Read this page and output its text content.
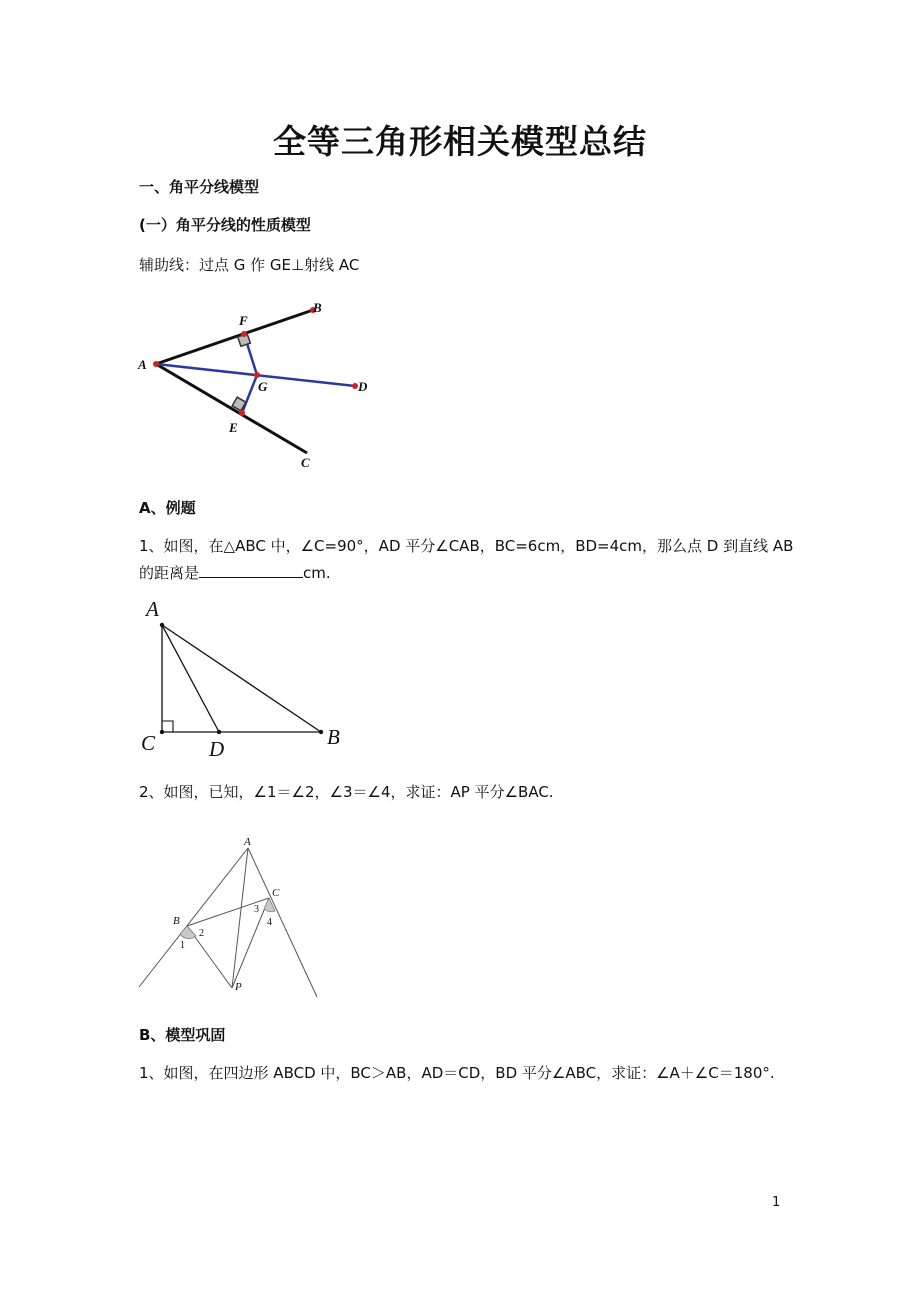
全等三角形相关模型总结
一、角平分线模型
(一）角平分线的性质模型
辅助线：过点 G 作 GE⊥射线 AC
A
B
C
D
E
F
G
A、例题
1、如图，在△ABC 中，∠C=90°，AD 平分∠CAB，BC=6cm，BD=4cm，那么点 D 到直线 AB
的距离是	cm.
A
C	D	B
2、如图，已知，∠1＝∠2，∠3＝∠4，求证：AP 平分∠BAC.
A
B
C
P
1
2
3
4
B、模型巩固
1、如图，在四边形 ABCD 中，BC＞AB，AD＝CD，BD 平分∠ABC，求证：∠A＋∠C＝180°.
1
